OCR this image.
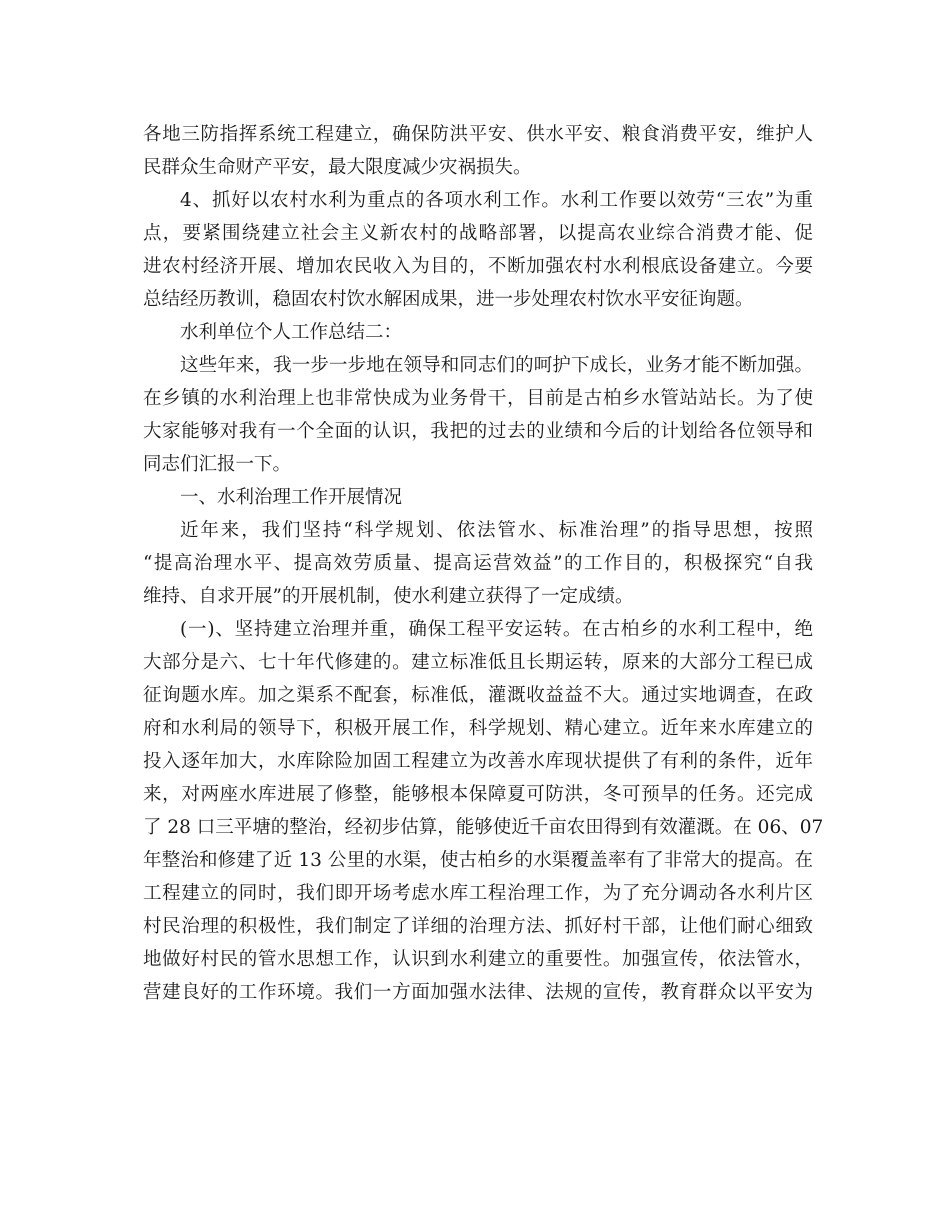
各地三防指挥系统工程建立，确保防洪平安、供水平安、粮食消费平安，维护人
民群众生命财产平安，最大限度减少灾祸损失。
4、抓好以农村水利为重点的各项水利工作。水利工作要以效劳“三农”为重
点，要紧围绕建立社会主义新农村的战略部署，以提高农业综合消费才能、促
进农村经济开展、增加农民收入为目的，不断加强农村水利根底设备建立。今要
总结经历教训，稳固农村饮水解困成果，进一步处理农村饮水平安征询题。
水利单位个人工作总结二：
这些年来，我一步一步地在领导和同志们的呵护下成长，业务才能不断加强。
在乡镇的水利治理上也非常快成为业务骨干，目前是古柏乡水管站站长。为了使
大家能够对我有一个全面的认识，我把的过去的业绩和今后的计划给各位领导和
同志们汇报一下。
一、水利治理工作开展情况
近年来，我们坚持“科学规划、依法管水、标准治理”的指导思想，按照
“提高治理水平、提高效劳质量、提高运营效益”的工作目的，积极探究“自我
维持、自求开展”的开展机制，使水利建立获得了一定成绩。
(一)、坚持建立治理并重，确保工程平安运转。在古柏乡的水利工程中，绝
大部分是六、七十年代修建的。建立标准低且长期运转，原来的大部分工程已成
征询题水库。加之渠系不配套，标准低，灌溉收益益不大。通过实地调查，在政
府和水利局的领导下，积极开展工作，科学规划、精心建立。近年来水库建立的
投入逐年加大，水库除险加固工程建立为改善水库现状提供了有利的条件，近年
来，对两座水库进展了修整，能够根本保障夏可防洪，冬可预旱的任务。还完成
了 28 口三平塘的整治，经初步估算，能够使近千亩农田得到有效灌溉。在 06、07
年整治和修建了近 13 公里的水渠，使古柏乡的水渠覆盖率有了非常大的提高。在
工程建立的同时，我们即开场考虑水库工程治理工作，为了充分调动各水利片区
村民治理的积极性，我们制定了详细的治理方法、抓好村干部，让他们耐心细致
地做好村民的管水思想工作，认识到水利建立的重要性。加强宣传，依法管水，
营建良好的工作环境。我们一方面加强水法律、法规的宣传，教育群众以平安为
